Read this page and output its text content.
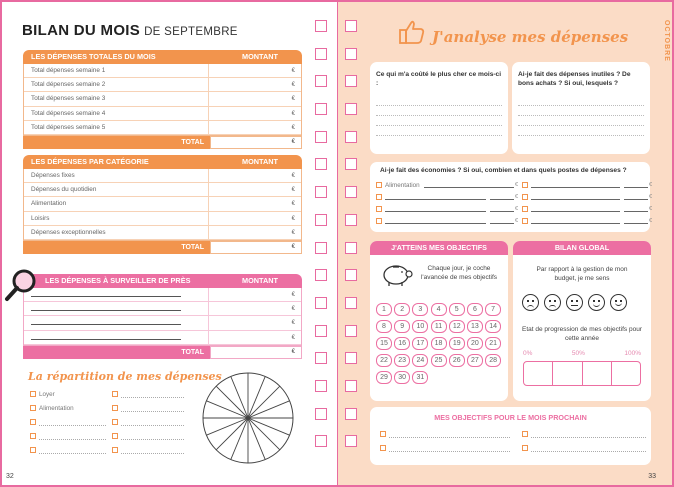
BILAN DU MOIS DE SEPTEMBRE
LES DÉPENSES TOTALES DU MOIS	MONTANT
Total dépenses semaine 1	€
Total dépenses semaine 2	€
Total dépenses semaine 3	€
Total dépenses semaine 4	€
Total dépenses semaine 5	€
TOTAL	€
LES DÉPENSES PAR CATÉGORIE	MONTANT
Dépenses fixes	€
Dépenses du quotidien	€
Alimentation	€
Loisirs	€
Dépenses exceptionnelles	€
TOTAL	€
LES DÉPENSES À SURVEILLER DE PRÈS	MONTANT
€
€
€
€
TOTAL	€
La répartition de mes dépenses
Loyer
Alimentation
32
OCTOBRE
J'analyse mes dépenses
Ce qui m'a coûté le plus cher ce mois-ci :
Ai-je fait des dépenses inutiles ? De bons achats ? Si oui, lesquels ?
Ai-je fait des économies ? Si oui, combien et dans quels postes de dépenses ?
Alimentation	€	€
€	€
€	€
€	€
J'ATTEINS MES OBJECTIFS
Chaque jour, je coche l'avancée de mes objectifs
1	2	3	4	5	6	7
8	9	10	11	12	13	14
15	16	17	18	19	20	21
22	23	24	25	26	27	28
29	30	31
BILAN GLOBAL
Par rapport à la gestion de mon budget, je me sens
Etat de progression de mes objectifs pour cette année
0%	50%	100%
MES OBJECTIFS POUR LE MOIS PROCHAIN
33
